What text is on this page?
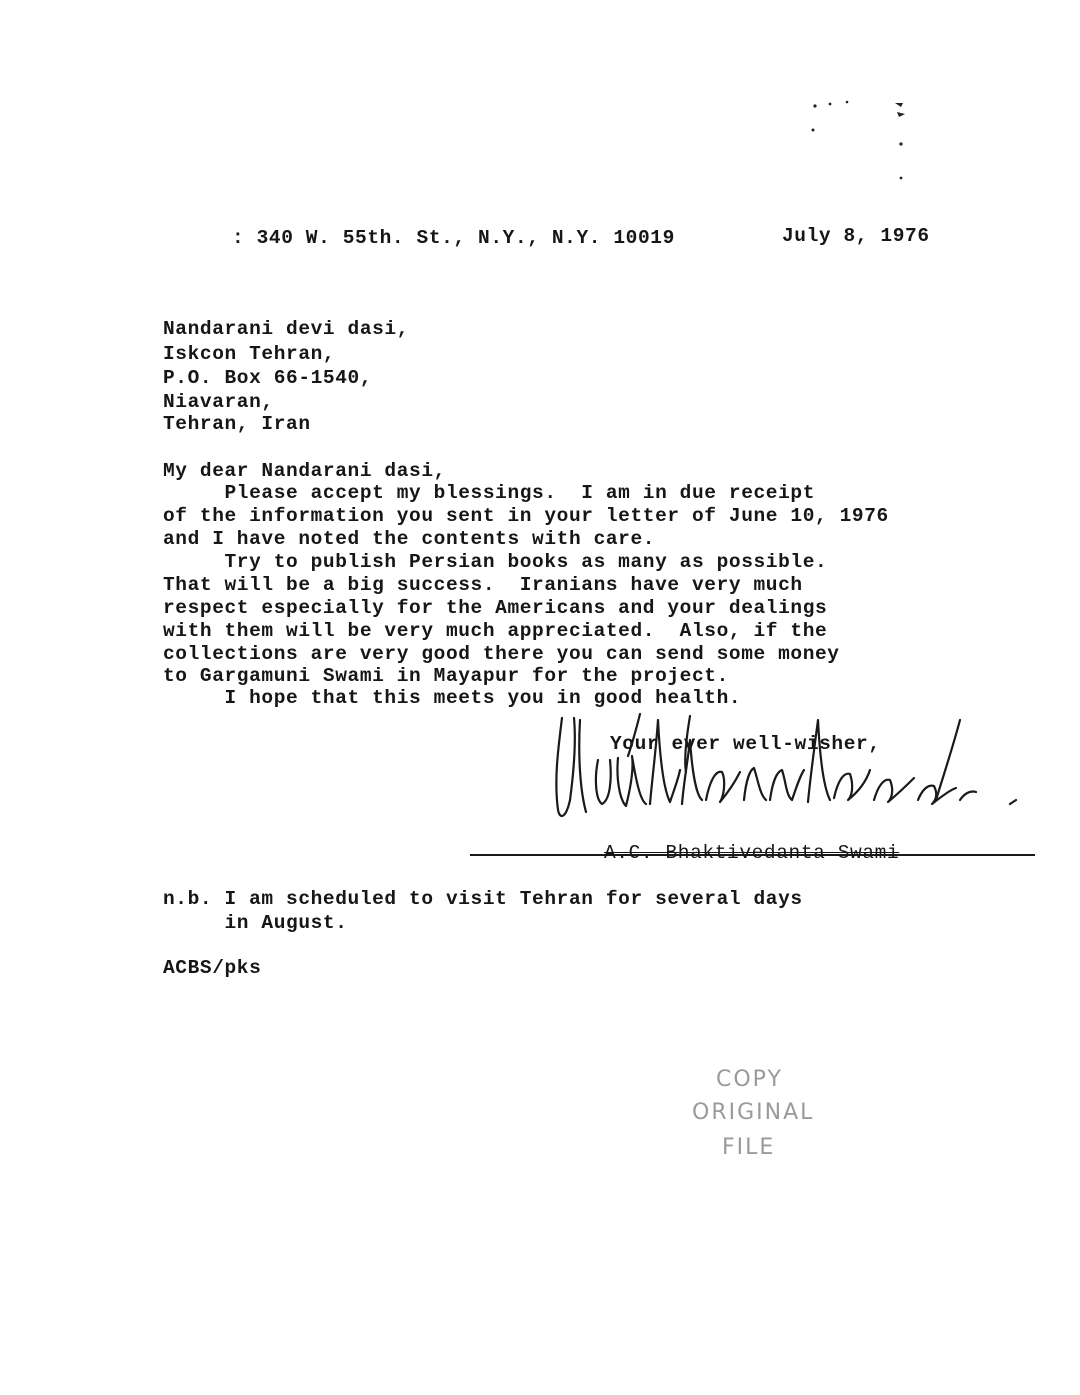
: 340 W. 55th. St., N.Y., N.Y. 10019	July 8, 1976
Nandarani devi dasi,
Iskcon Tehran,
P.O. Box 66-1540,
Niavaran,
Tehran, Iran
My dear Nandarani dasi,
Please accept my blessings.  I am in due receipt
of the information you sent in your letter of June 10, 1976
and I have noted the contents with care.
Try to publish Persian books as many as possible.
That will be a big success.  Iranians have very much
respect especially for the Americans and your dealings
with them will be very much appreciated.  Also, if the
collections are very good there you can send some money
to Gargamuni Swami in Mayapur for the project.
I hope that this meets you in good health.
Your ever well-wisher,
A.C. Bhaktivedanta Swami
n.b. I am scheduled to visit Tehran for several days
in August.
ACBS/pks
COPY
ORIGINAL
FILE
